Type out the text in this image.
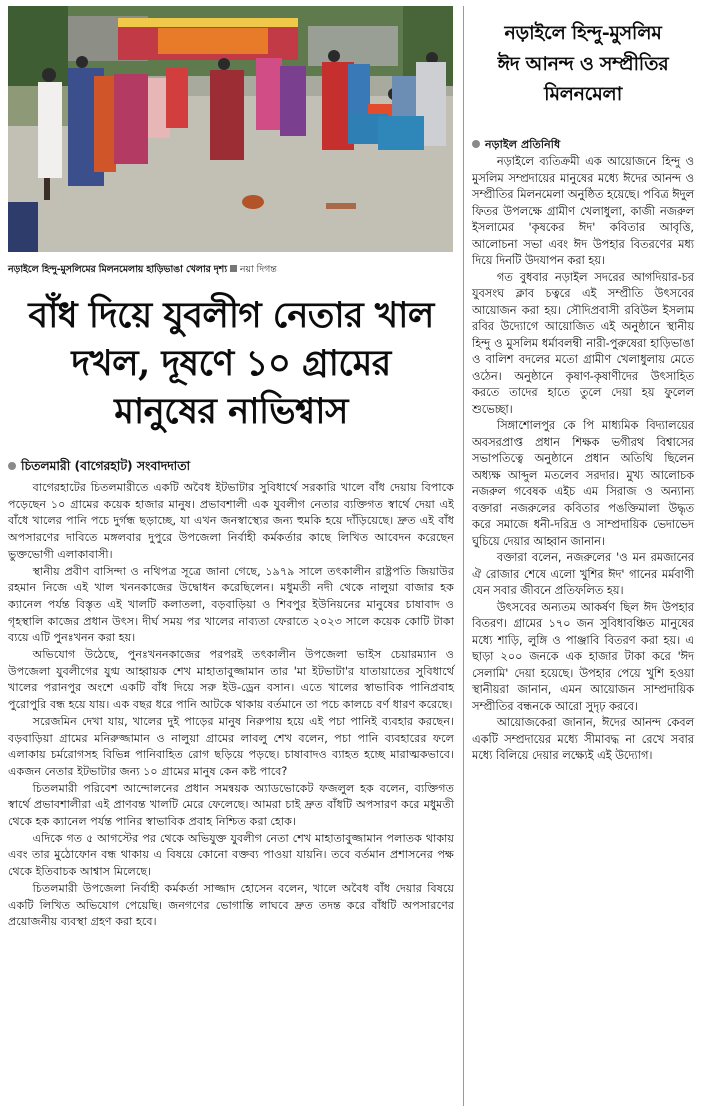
নড়াইলে হিন্দু-মুসলিমের মিলনমেলায় হাড়িভাঙা খেলার দৃশ্য নয়া দিগন্ত
বাঁধ দিয়ে যুবলীগ নেতার খাল
দখল, দূষণে ১০ গ্রামের
মানুষের নাভিশ্বাস
চিতলমারী (বাগেরহাট) সংবাদদাতা

বাগেরহাটের চিতলমারীতে একটি অবৈধ ইটভাটার সুবিধার্থে সরকারি খালে বাঁধ দেয়ায় বিপাকে পড়েছেন ১০ গ্রামের কয়েক হাজার মানুষ। প্রভাবশালী এক যুবলীগ নেতার ব্যক্তিগত স্বার্থে দেয়া এই বাঁধে খালের পানি পচে দুর্গন্ধ ছড়াচ্ছে, যা এখন জনস্বাস্থ্যের জন্য হুমকি হয়ে দাঁড়িয়েছে। দ্রুত এই বাঁধ অপসারণের দাবিতে মঙ্গলবার দুপুরে উপজেলা নির্বাহী কর্মকর্তার কাছে লিখিত আবেদন করেছেন ভুক্তভোগী এলাকাবাসী।

স্থানীয় প্রবীণ বাসিন্দা ও নথিপত্র সূত্রে জানা গেছে, ১৯৭৯ সালে তৎকালীন রাষ্ট্রপতি জিয়াউর রহমান নিজে এই খাল খননকাজের উদ্বোধন করেছিলেন। মধুমতী নদী থেকে নালুয়া বাজার হক ক্যানেল পর্যন্ত বিস্তৃত এই খালটি কলাতলা, বড়বাড়িয়া ও শিবপুর ইউনিয়নের মানুষের চাষাবাদ ও গৃহস্থালি কাজের প্রধান উৎস। দীর্ঘ সময় পর খালের নাব্যতা ফেরাতে ২০২৩ সালে কয়েক কোটি টাকা ব্যয়ে এটি পুনঃখনন করা হয়।

অভিযোগ উঠেছে, পুনঃখননকাজের পরপরই তৎকালীন উপজেলা ভাইস চেয়ারম্যান ও উপজেলা যুবলীগের যুগ্ম আহ্বায়ক শেখ মাহাতাবুজ্জামান তার 'মা ইটভাটা'র যাতায়াতের সুবিধার্থে খালের পরানপুর অংশে একটি বাঁধ দিয়ে সরু ইউ-ড্রেন বসান। এতে খালের স্বাভাবিক পানিপ্রবাহ পুরোপুরি বন্ধ হয়ে যায়। এক বছর ধরে পানি আটকে থাকায় বর্তমানে তা পচে কালচে বর্ণ ধারণ করেছে।

সরেজমিন দেখা যায়, খালের দুই পাড়ের মানুষ নিরুপায় হয়ে এই পচা পানিই ব্যবহার করছেন। বড়বাড়িয়া গ্রামের মনিরুজ্জামান ও নালুয়া গ্রামের লাবলু শেখ বলেন, পচা পানি ব্যবহারের ফলে এলাকায় চর্মরোগসহ বিভিন্ন পানিবাহিত রোগ ছড়িয়ে পড়ছে। চাষাবাদও ব্যাহত হচ্ছে মারাত্মকভাবে। একজন নেতার ইটভাটার জন্য ১০ গ্রামের মানুষ কেন কষ্ট পাবে?

চিতলমারী পরিবেশ আন্দোলনের প্রধান সমন্বয়ক অ্যাডভোকেট ফজলুল হক বলেন, ব্যক্তিগত স্বার্থে প্রভাবশালীরা এই প্রাণবন্ত খালটি মেরে ফেলেছে। আমরা চাই দ্রুত বাঁধটি অপসারণ করে মধুমতী থেকে হক ক্যানেল পর্যন্ত পানির স্বাভাবিক প্রবাহ নিশ্চিত করা হোক।

এদিকে গত ৫ আগস্টের পর থেকে অভিযুক্ত যুবলীগ নেতা শেখ মাহাতাবুজ্জামান পলাতক থাকায় এবং তার মুঠোফোন বন্ধ থাকায় এ বিষয়ে কোনো বক্তব্য পাওয়া যায়নি। তবে বর্তমান প্রশাসনের পক্ষ থেকে ইতিবাচক আশ্বাস মিলেছে।

চিতলমারী উপজেলা নির্বাহী কর্মকর্তা সাজ্জাদ হোসেন বলেন, খালে অবৈধ বাঁধ দেয়ার বিষয়ে একটি লিখিত অভিযোগ পেয়েছি। জনগণের ভোগান্তি লাঘবে দ্রুত তদন্ত করে বাঁধটি অপসারণের প্রয়োজনীয় ব্যবস্থা গ্রহণ করা হবে।

নড়াইলে হিন্দু-মুসলিম
ঈদ আনন্দ ও সম্প্রীতির
মিলনমেলা
নড়াইল প্রতিনিধি

নড়াইলে ব্যতিক্রমী এক আয়োজনে হিন্দু ও মুসলিম সম্প্রদায়ের মানুষের মধ্যে ঈদের আনন্দ ও সম্প্রীতির মিলনমেলা অনুষ্ঠিত হয়েছে। পবিত্র ঈদুল ফিতর উপলক্ষে গ্রামীণ খেলাধুলা, কাজী নজরুল ইসলামের 'কৃষকের ঈদ' কবিতার আবৃত্তি, আলোচনা সভা এবং ঈদ উপহার বিতরণের মধ্য দিয়ে দিনটি উদযাপন করা হয়।

গত বুধবার নড়াইল সদরের আগদিয়ার-চর যুবসংঘ ক্লাব চত্বরে এই সম্প্রীতি উৎসবের আয়োজন করা হয়। সৌদিপ্রবাসী রবিউল ইসলাম রবির উদ্যোগে আয়োজিত এই অনুষ্ঠানে স্থানীয় হিন্দু ও মুসলিম ধর্মাবলম্বী নারী-পুরুষেরা হাড়িভাঙা ও বালিশ বদলের মতো গ্রামীণ খেলাধুলায় মেতে ওঠেন। অনুষ্ঠানে কৃষাণ-কৃষাণীদের উৎসাহিত করতে তাদের হাতে তুলে দেয়া হয় ফুলেল শুভেচ্ছা।

সিঙ্গাশোলপুর কে পি মাধ্যমিক বিদ্যালয়ের অবসরপ্রাপ্ত প্রধান শিক্ষক ভগীরথ বিশ্বাসের সভাপতিত্বে অনুষ্ঠানে প্রধান অতিথি ছিলেন অধ্যক্ষ আব্দুল মতলেব সরদার। মুখ্য আলোচক নজরুল গবেষক এইচ এম সিরাজ ও অন্যান্য বক্তারা নজরুলের কবিতার পঙক্তিমালা উদ্ধৃত করে সমাজে ধনী-দরিদ্র ও সাম্প্রদায়িক ভেদাভেদ ঘুচিয়ে দেয়ার আহ্বান জানান।

বক্তারা বলেন, নজরুলের 'ও মন রমজানের ঐ রোজার শেষে এলো খুশির ঈদ' গানের মর্মবাণী যেন সবার জীবনে প্রতিফলিত হয়।

উৎসবের অন্যতম আকর্ষণ ছিল ঈদ উপহার বিতরণ। গ্রামের ১৭০ জন সুবিধাবঞ্চিত মানুষের মধ্যে শাড়ি, লুঙ্গি ও পাঞ্জাবি বিতরণ করা হয়। এ ছাড়া ২০০ জনকে এক হাজার টাকা করে 'ঈদ সেলামি' দেয়া হয়েছে। উপহার পেয়ে খুশি হওয়া স্থানীয়রা জানান, এমন আয়োজন সাম্প্রদায়িক সম্প্রীতির বন্ধনকে আরো সুদৃঢ় করবে।

আয়োজকেরা জানান, ঈদের আনন্দ কেবল একটি সম্প্রদায়ের মধ্যে সীমাবদ্ধ না রেখে সবার মধ্যে বিলিয়ে দেয়ার লক্ষ্যেই এই উদ্যোগ।
